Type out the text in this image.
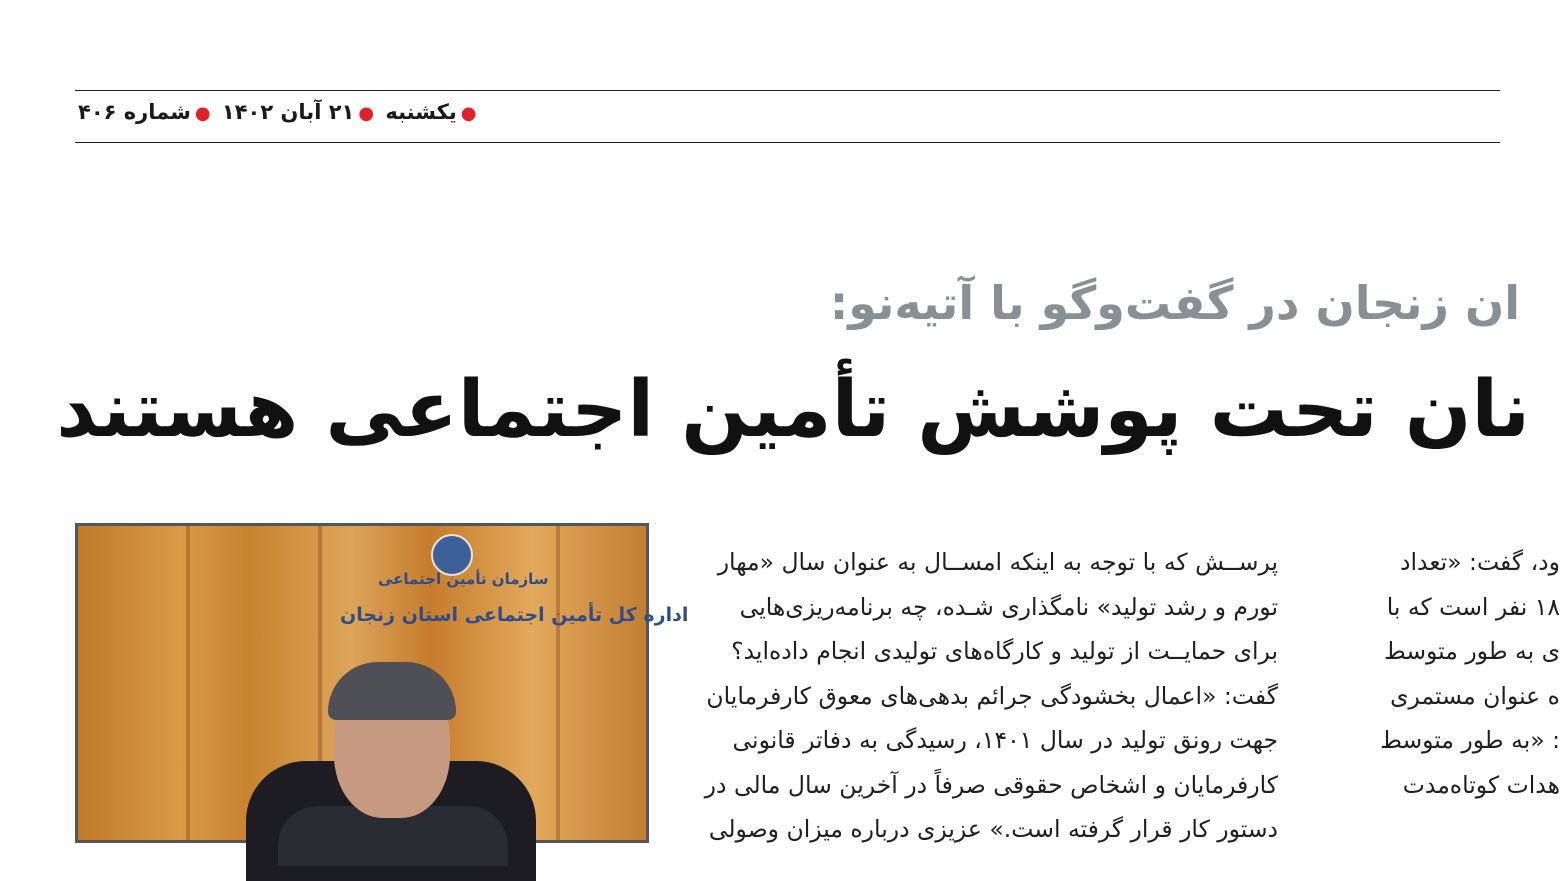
●یکشنبه ●۲۱ آبان ۱۴۰۲ ●شماره ۴۰۶
ان زنجان در گفت‌وگو با آتیه‌نو:
نان تحت پوشش تأمین اجتماعی هستند
سازمان تأمین اجتماعی
اداره کل تأمین اجتماعی استان زنجان
پرســش که با توجه به اینکه امســال به عنوان سال «مهار
تورم و رشد تولید» نامگذاری شـده، چه برنامه‌ریزی‌هایی
برای حمایــت از تولید و کارگاه‌های تولیدی انجام داده‌اید؟
گفت: «اعمال بخشودگی جرائم بدهی‌های معوق کارفرمایان
جهت رونق تولید در سال ۱۴۰۱، رسیدگی به دفاتر قانونی
کارفرمایان و اشخاص حقوقی صرفاً در آخرین سال مالی در
دستور کار قرار گرفته است.» عزیزی درباره میزان وصولی
ود، گفت: «تعداد
۱۸ نفر است که با
ی به طور متوسط
ه عنوان مستمری
: «به طور متوسط
هدات کوتاه‌مدت
